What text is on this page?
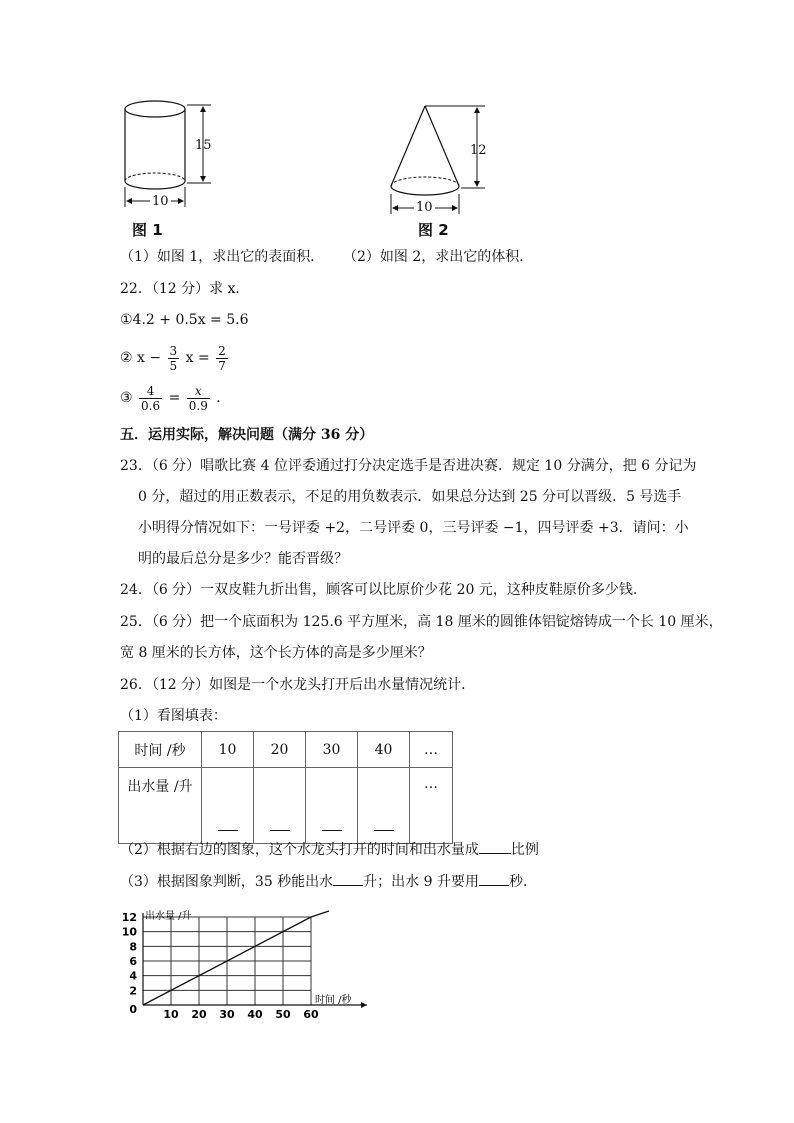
15
10
图 1
12
10
图 2
（1）如图 1，求出它的表面积． （2）如图 2，求出它的体积．
22．（12 分）求 x．
①4.2 + 0.5x = 5.6
② $x - \frac{3}{5}$ $x = \frac{2}{7}$
③ $\frac{4}{0.6} = \frac{x}{0.9}$ ．
五．运用实际，解决问题（满分 36 分）
23．（6 分）唱歌比赛 4 位评委通过打分决定选手是否进决赛．规定 10 分满分，把 6 分记为
0 分，超过的用正数表示，不足的用负数表示．如果总分达到 25 分可以晋级．5 号选手
小明得分情况如下：一号评委 +2，二号评委 0，三号评委 −1，四号评委 +3．请问：小
明的最后总分是多少？能否晋级？
24．（6 分）一双皮鞋九折出售，顾客可以比原价少花 20 元，这种皮鞋原价多少钱．
25．（6 分）把一个底面积为 125.6 平方厘米，高 18 厘米的圆锥体铝锭熔铸成一个长 10 厘米，
宽 8 厘米的长方体，这个长方体的高是多少厘米？
26．（12 分）如图是一个水龙头打开后出水量情况统计．
（1）看图填表：
时间 /秒	10	20	30	40	…
出水量 /升					…
（2）根据右边的图象，这个水龙头打开的时间和出水量成 比例
（3）根据图象判断，35 秒能出水 升；出水 9 升要用 秒．
10 20 30 40 50 60
0
2
4
6
8
10
12 出水量 /升
时间 /秒
